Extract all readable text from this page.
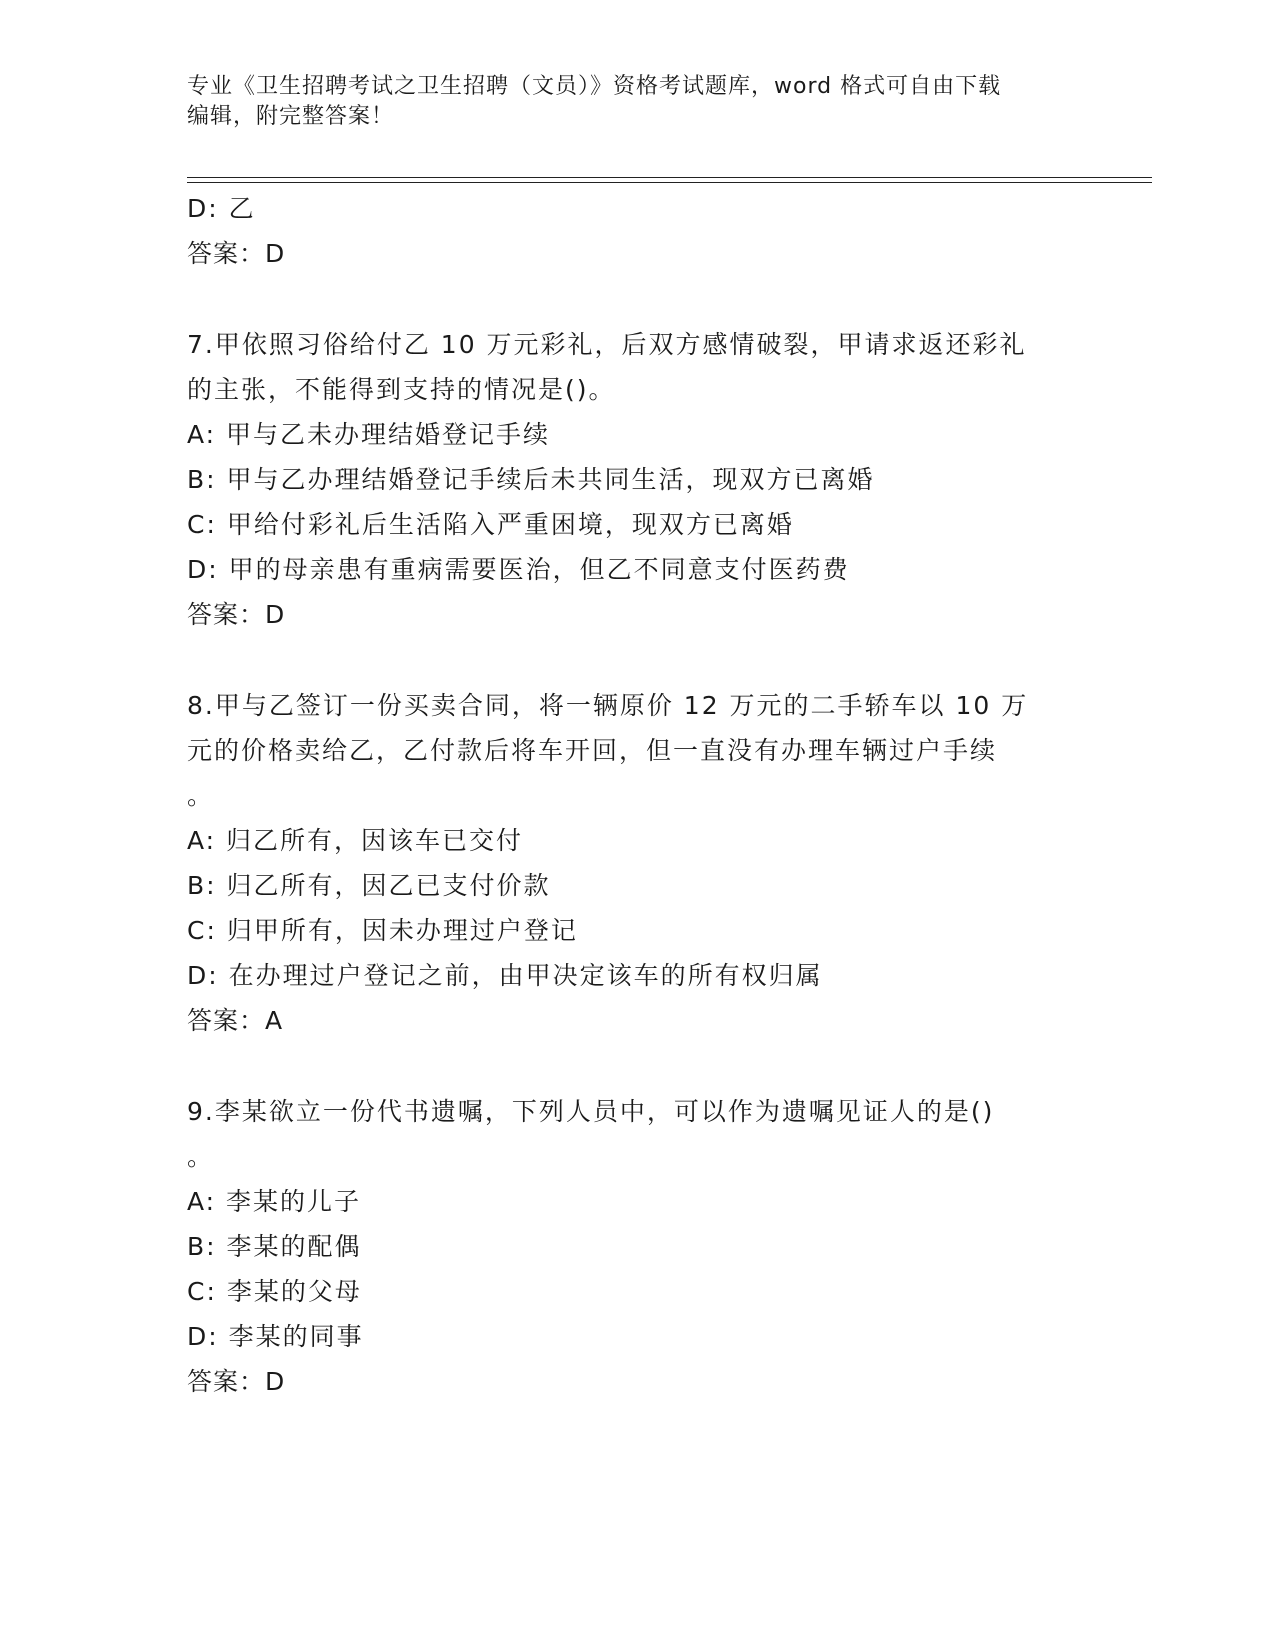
专业《卫生招聘考试之卫生招聘（文员）》资格考试题库，word 格式可自由下载
编辑，附完整答案！
D: 乙
答案：D
7.甲依照习俗给付乙 10 万元彩礼，后双方感情破裂，甲请求返还彩礼
的主张，不能得到支持的情况是()。
A: 甲与乙未办理结婚登记手续
B: 甲与乙办理结婚登记手续后未共同生活，现双方已离婚
C: 甲给付彩礼后生活陷入严重困境，现双方已离婚
D: 甲的母亲患有重病需要医治，但乙不同意支付医药费
答案：D
8.甲与乙签订一份买卖合同，将一辆原价 12 万元的二手轿车以 10 万
元的价格卖给乙，乙付款后将车开回，但一直没有办理车辆过户手续
。
A: 归乙所有，因该车已交付
B: 归乙所有，因乙已支付价款
C: 归甲所有，因未办理过户登记
D: 在办理过户登记之前，由甲决定该车的所有权归属
答案：A
9.李某欲立一份代书遗嘱，下列人员中，可以作为遗嘱见证人的是()
。
A: 李某的儿子
B: 李某的配偶
C: 李某的父母
D: 李某的同事
答案：D
